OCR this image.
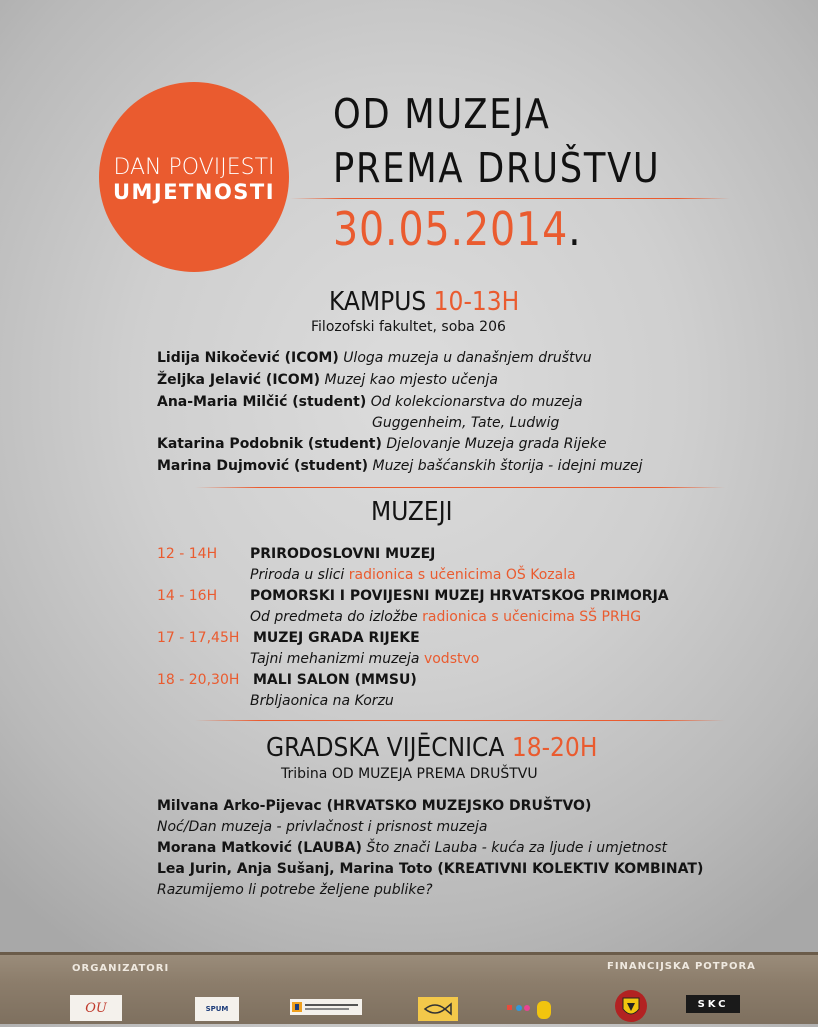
DAN POVIJESTI
UMJETNOSTI
OD MUZEJA
PREMA DRUŠTVU
30.05.2014.
KAMPUS 10-13H
Filozofski fakultet, soba 206
Lidija Nikočević (ICOM) Uloga muzeja u današnjem društvu
Željka Jelavić (ICOM) Muzej kao mjesto učenja
Ana-Maria Milčić (student) Od kolekcionarstva do muzeja
Guggenheim, Tate, Ludwig
Katarina Podobnik (student) Djelovanje Muzeja grada Rijeke
Marina Dujmović (student) Muzej bašćanskih štorija - idejni muzej
MUZEJI
12 - 14H PRIRODOSLOVNI MUZEJ
Priroda u slici radionica s učenicima OŠ Kozala
14 - 16H POMORSKI I POVIJESNI MUZEJ HRVATSKOG PRIMORJA
Od predmeta do izložbe radionica s učenicima SŠ PRHG
17 - 17,45H MUZEJ GRADA RIJEKE
Tajni mehanizmi muzeja vodstvo
18 - 20,30H MALI SALON (MMSU)
Brbljaonica na Korzu
GRADSKA VIJĒCNICA 18-20H
Tribina OD MUZEJA PREMA DRUŠTVU
Milvana Arko-Pijevac (HRVATSKO MUZEJSKO DRUŠTVO)
Noć/Dan muzeja - privlačnost i prisnost muzeja
Morana Matković (LAUBA) Što znači Lauba - kuća za ljude i umjetnost
Lea Jurin, Anja Sušanj, Marina Toto (KREATIVNI KOLEKTIV KOMBINAT)
Razumijemo li potrebe željene publike?
ORGANIZATORI	FINANCIJSKA POTPORA
OU	SPUM	SKC
